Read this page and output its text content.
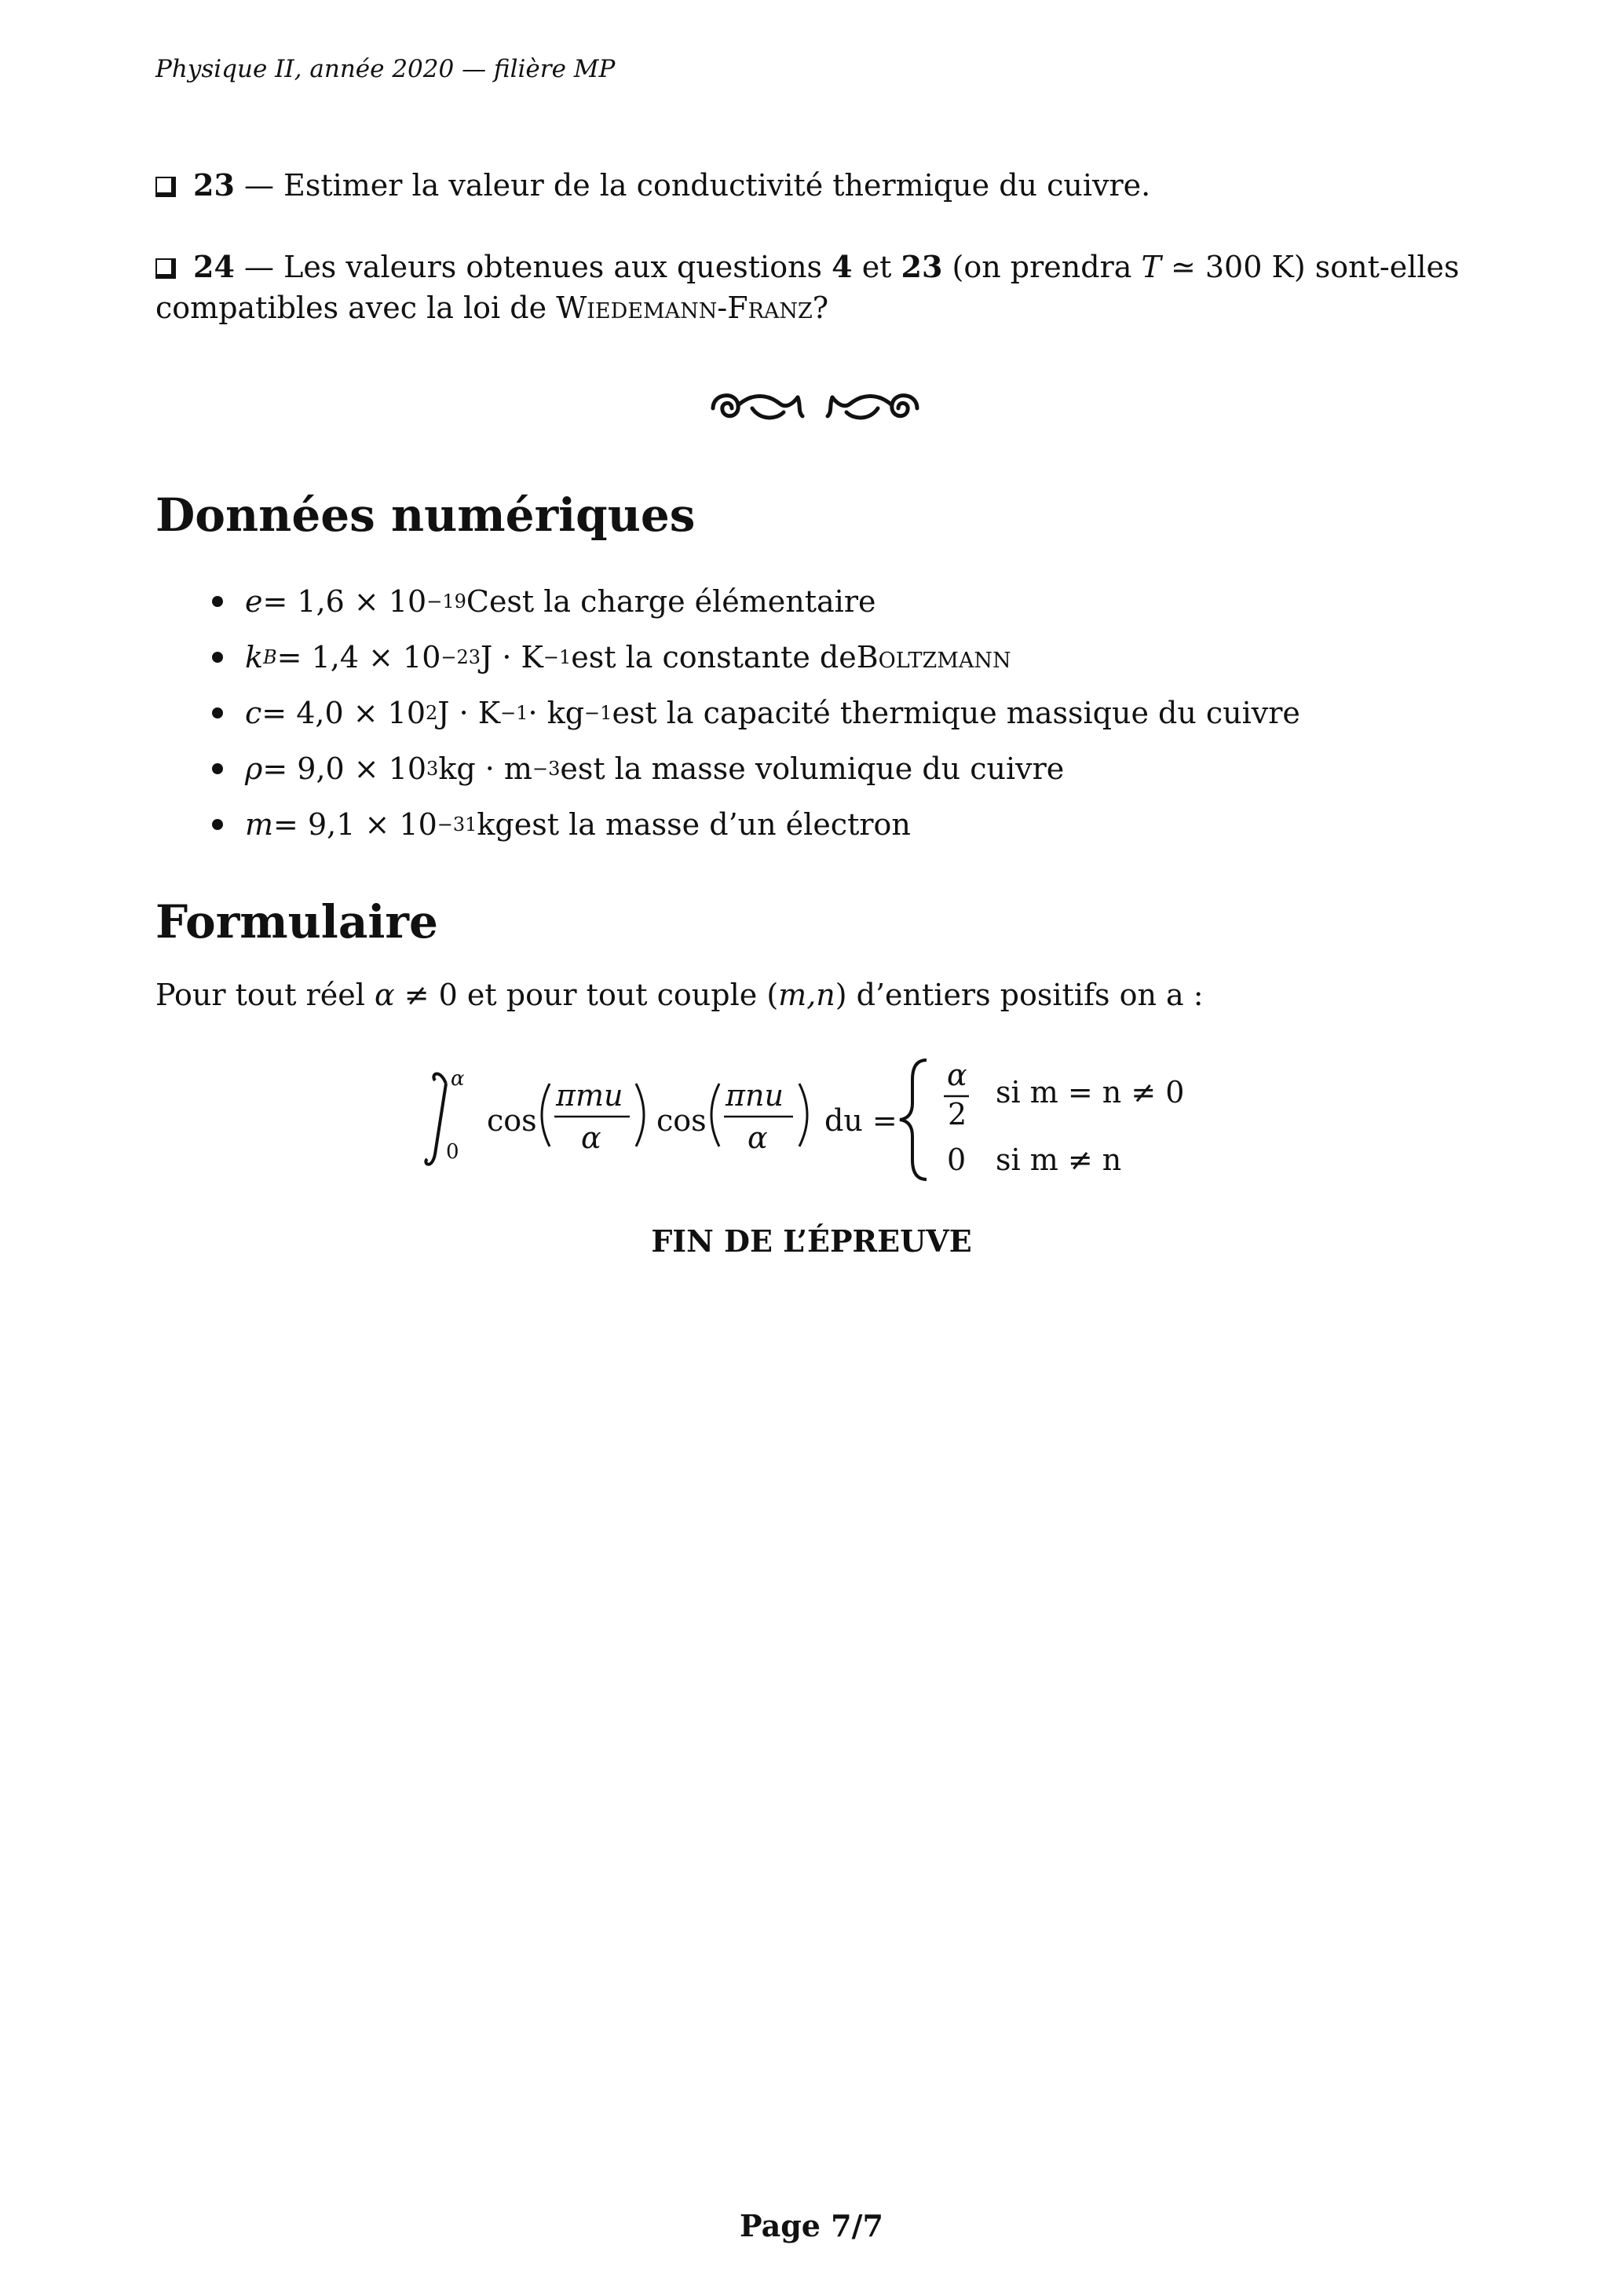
Physique II, année 2020 — filière MP
23 — Estimer la valeur de la conductivité thermique du cuivre.
24 — Les valeurs obtenues aux questions 4 et 23 (on prendra T ≃ 300 K) sont-elles
compatibles avec la loi de Wiedemann-Franz?
Données numériques
e = 1,6 × 10 −19 C est la charge élémentaire
k B = 1,4 × 10 −23 J · K −1 est la constante de Boltzmann
c = 4,0 × 10 2 J · K −1 · kg −1 est la capacité thermique massique du cuivre
ρ = 9,0 × 10 3 kg · m −3 est la masse volumique du cuivre
m = 9,1 × 10 −31 kg est la masse d’un électron
Formulaire
Pour tout réel α ≠ 0 et pour tout couple (m,n) d’entiers positifs on a :
α
0
cos
πmu
α cos
πnu
α du =
α
2
si m = n ≠ 0
0 si m ≠ n
FIN DE L’ÉPREUVE
Page 7/7
